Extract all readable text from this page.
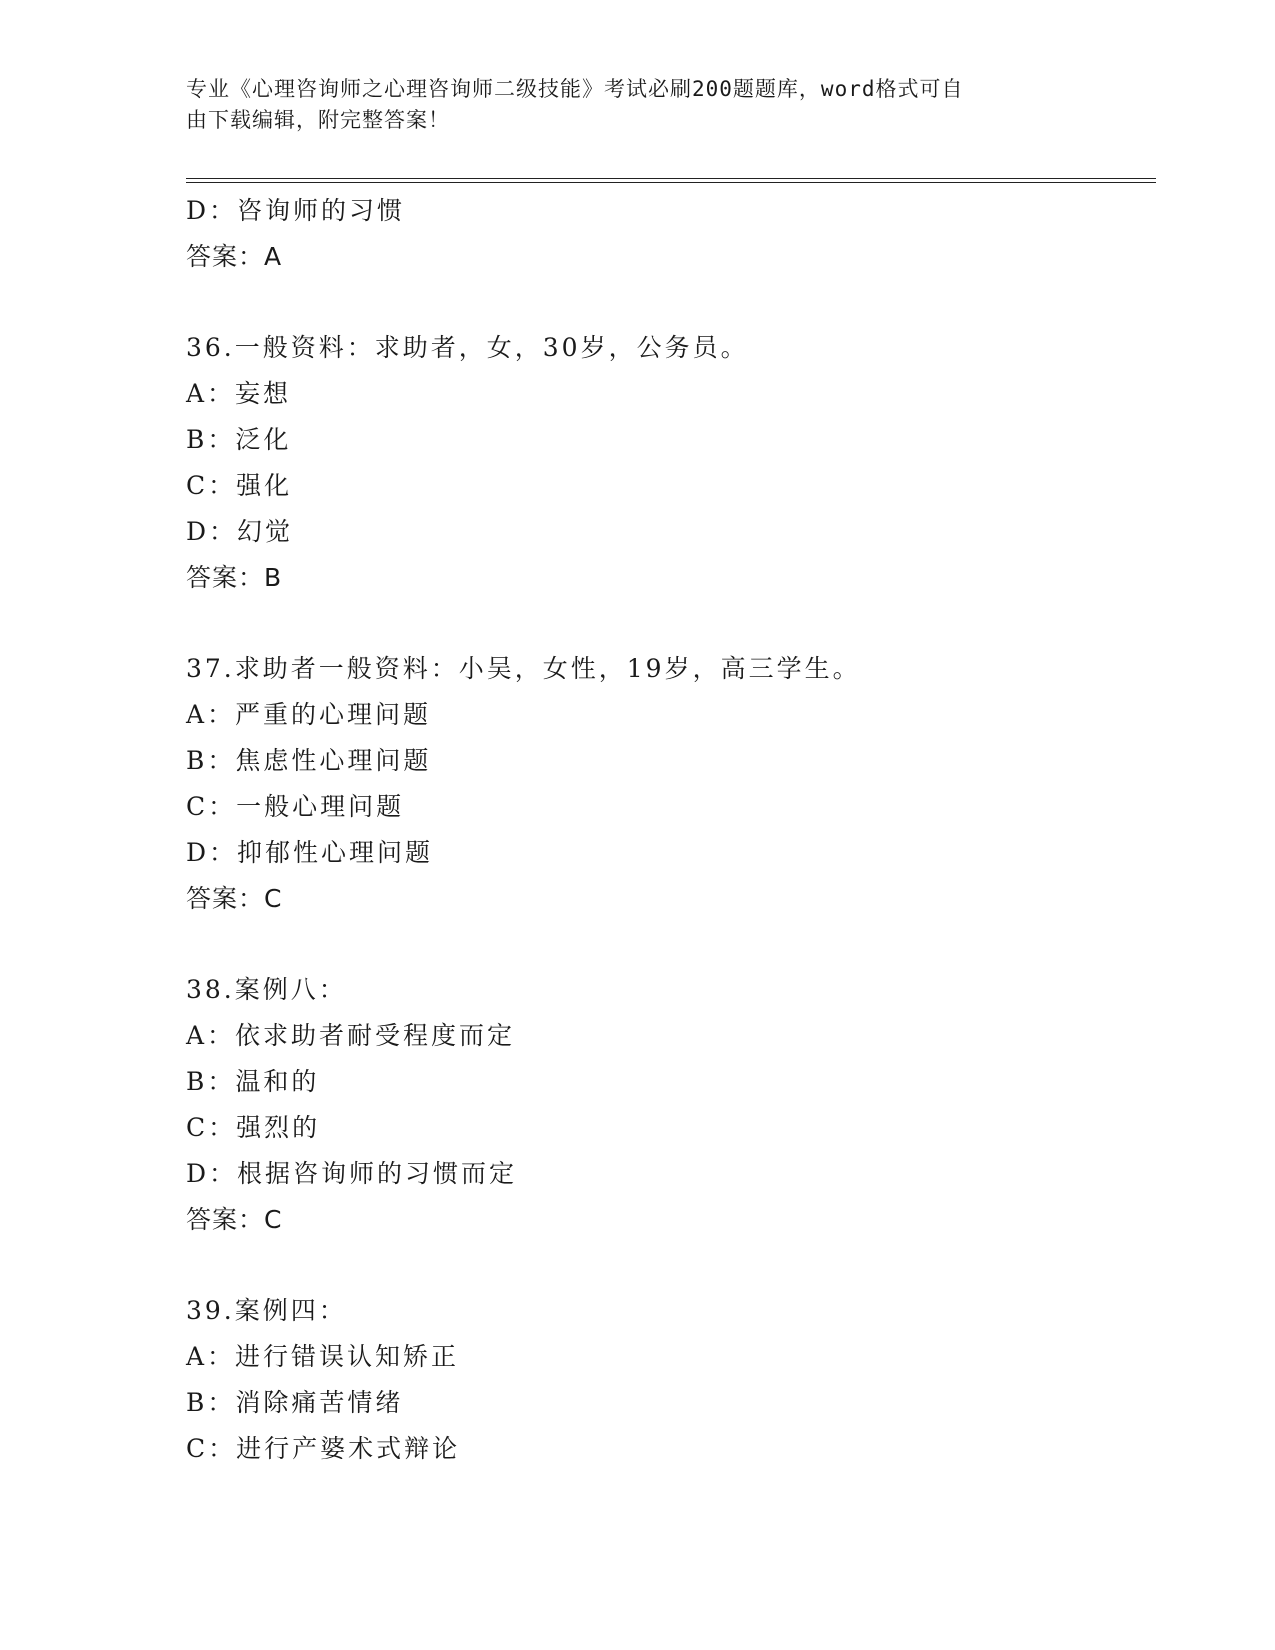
专业《心理咨询师之心理咨询师二级技能》考试必刷200题题库，word格式可自
由下载编辑，附完整答案！
D：咨询师的习惯
答案：A
36.一般资料：求助者，女，30岁，公务员。
A：妄想
B：泛化
C：强化
D：幻觉
答案：B
37.求助者一般资料：小吴，女性，19岁，高三学生。
A：严重的心理问题
B：焦虑性心理问题
C：一般心理问题
D：抑郁性心理问题
答案：C
38.案例八：
A：依求助者耐受程度而定
B：温和的
C：强烈的
D：根据咨询师的习惯而定
答案：C
39.案例四：
A：进行错误认知矫正
B：消除痛苦情绪
C：进行产婆术式辩论
